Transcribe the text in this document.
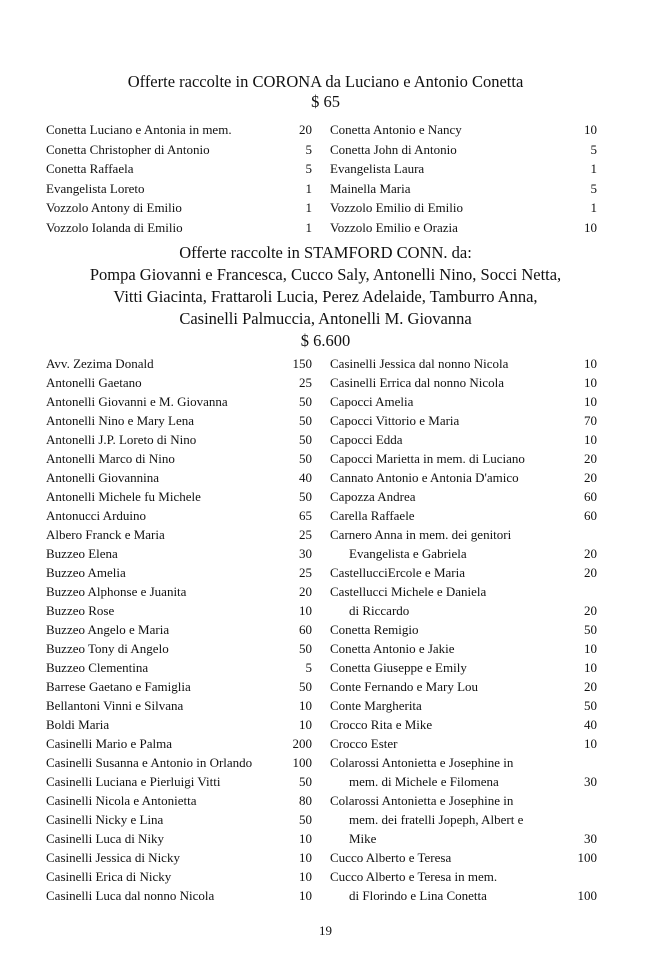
Offerte raccolte in CORONA da Luciano e Antonio Conetta
$ 65
Conetta Luciano e Antonia in mem.	20
Conetta Christopher di Antonio	5
Conetta Raffaela	5
Evangelista Loreto	1
Vozzolo Antony di Emilio	1
Vozzolo Iolanda di Emilio	1
Conetta Antonio e Nancy	10
Conetta John di Antonio	5
Evangelista Laura	1
Mainella Maria	5
Vozzolo Emilio di Emilio	1
Vozzolo Emilio e Orazia	10
Offerte raccolte in STAMFORD CONN. da:
Pompa Giovanni e Francesca, Cucco Saly, Antonelli Nino, Socci Netta,
Vitti Giacinta, Frattaroli Lucia, Perez Adelaide, Tamburro Anna,
Casinelli Palmuccia, Antonelli M. Giovanna
$ 6.600
Avv. Zezima Donald	150
Antonelli Gaetano	25
Antonelli Giovanni e M. Giovanna	50
Antonelli Nino e Mary Lena	50
Antonelli J.P. Loreto di Nino	50
Antonelli Marco di Nino	50
Antonelli Giovannina	40
Antonelli Michele fu Michele	50
Antonucci Arduino	65
Albero Franck e Maria	25
Buzzeo Elena	30
Buzzeo Amelia	25
Buzzeo Alphonse e Juanita	20
Buzzeo Rose	10
Buzzeo Angelo e Maria	60
Buzzeo Tony di Angelo	50
Buzzeo Clementina	5
Barrese Gaetano e Famiglia	50
Bellantoni Vinni e Silvana	10
Boldi Maria	10
Casinelli Mario e Palma	200
Casinelli Susanna e Antonio in Orlando	100
Casinelli Luciana e Pierluigi Vitti	50
Casinelli Nicola e Antonietta	80
Casinelli Nicky e Lina	50
Casinelli Luca di Niky	10
Casinelli Jessica di Nicky	10
Casinelli Erica di Nicky	10
Casinelli Luca dal nonno Nicola	10
Casinelli Jessica dal nonno Nicola	10
Casinelli Errica dal nonno Nicola	10
Capocci Amelia	10
Capocci Vittorio e Maria	70
Capocci Edda	10
Capocci Marietta in mem. di Luciano	20
Cannato Antonio e Antonia D'amico	20
Capozza Andrea	60
Carella Raffaele	60
Carnero Anna in mem. dei genitori
Evangelista e Gabriela	20
CastellucciErcole e Maria	20
Castellucci Michele e Daniela
di Riccardo	20
Conetta Remigio	50
Conetta Antonio e Jakie	10
Conetta Giuseppe e Emily	10
Conte Fernando e Mary Lou	20
Conte Margherita	50
Crocco Rita e Mike	40
Crocco Ester	10
Colarossi Antonietta e Josephine in
mem. di Michele e Filomena	30
Colarossi Antonietta e Josephine in
mem. dei fratelli Jopeph, Albert e
Mike	30
Cucco Alberto e Teresa	100
Cucco Alberto e Teresa in mem.
di Florindo e Lina Conetta	100
19
